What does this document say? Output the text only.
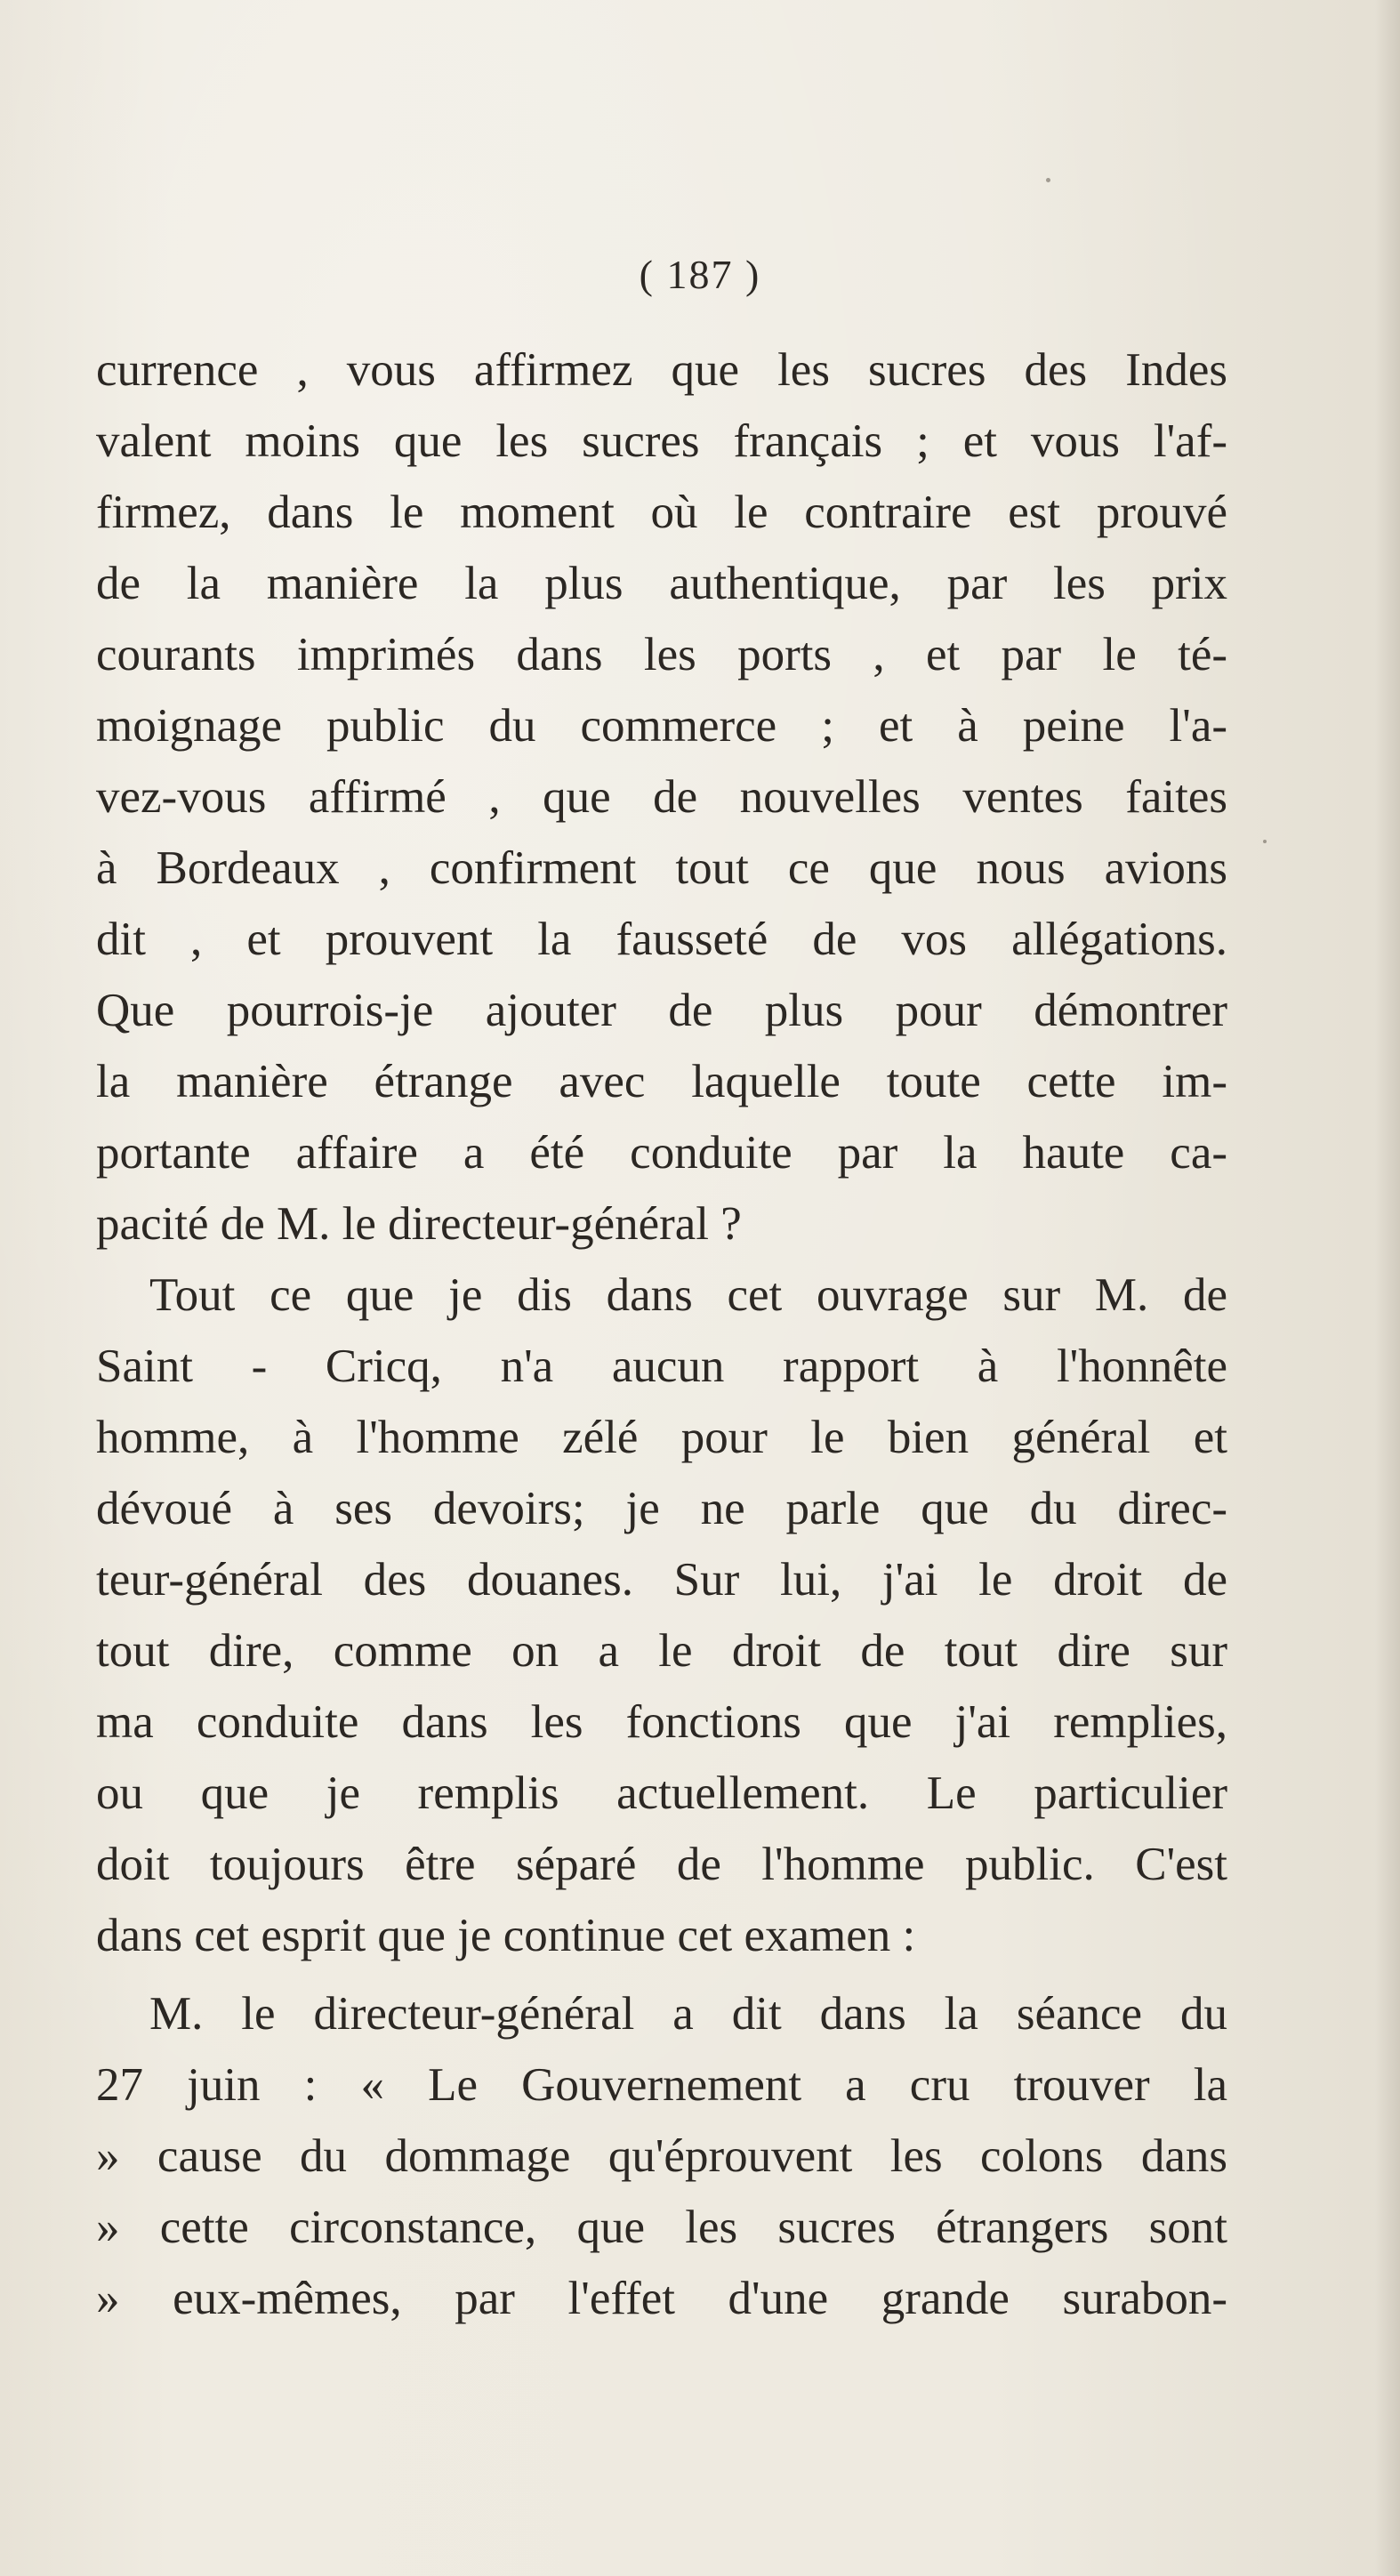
( 187 )
currence , vous affirmez que les sucres des Indes
valent moins que les sucres français ; et vous l'af-
firmez, dans le moment où le contraire est prouvé
de la manière la plus authentique, par les prix
courants imprimés dans les ports , et par le té-
moignage public du commerce ; et à peine l'a-
vez-vous affirmé , que de nouvelles ventes faites
à Bordeaux , confirment tout ce que nous avions
dit , et prouvent la fausseté de vos allégations.
Que pourrois-je ajouter de plus pour démontrer
la manière étrange avec laquelle toute cette im-
portante affaire a été conduite par la haute ca-
pacité de M. le directeur-général ?
Tout ce que je dis dans cet ouvrage sur M. de
Saint - Cricq, n'a aucun rapport à l'honnête
homme, à l'homme zélé pour le bien général et
dévoué à ses devoirs; je ne parle que du direc-
teur-général des douanes. Sur lui, j'ai le droit de
tout dire, comme on a le droit de tout dire sur
ma conduite dans les fonctions que j'ai remplies,
ou que je remplis actuellement. Le particulier
doit toujours être séparé de l'homme public. C'est
dans cet esprit que je continue cet examen :
M. le directeur-général a dit dans la séance du
27 juin : « Le Gouvernement a cru trouver la
» cause du dommage qu'éprouvent les colons dans
» cette circonstance, que les sucres étrangers sont
» eux-mêmes, par l'effet d'une grande surabon-
